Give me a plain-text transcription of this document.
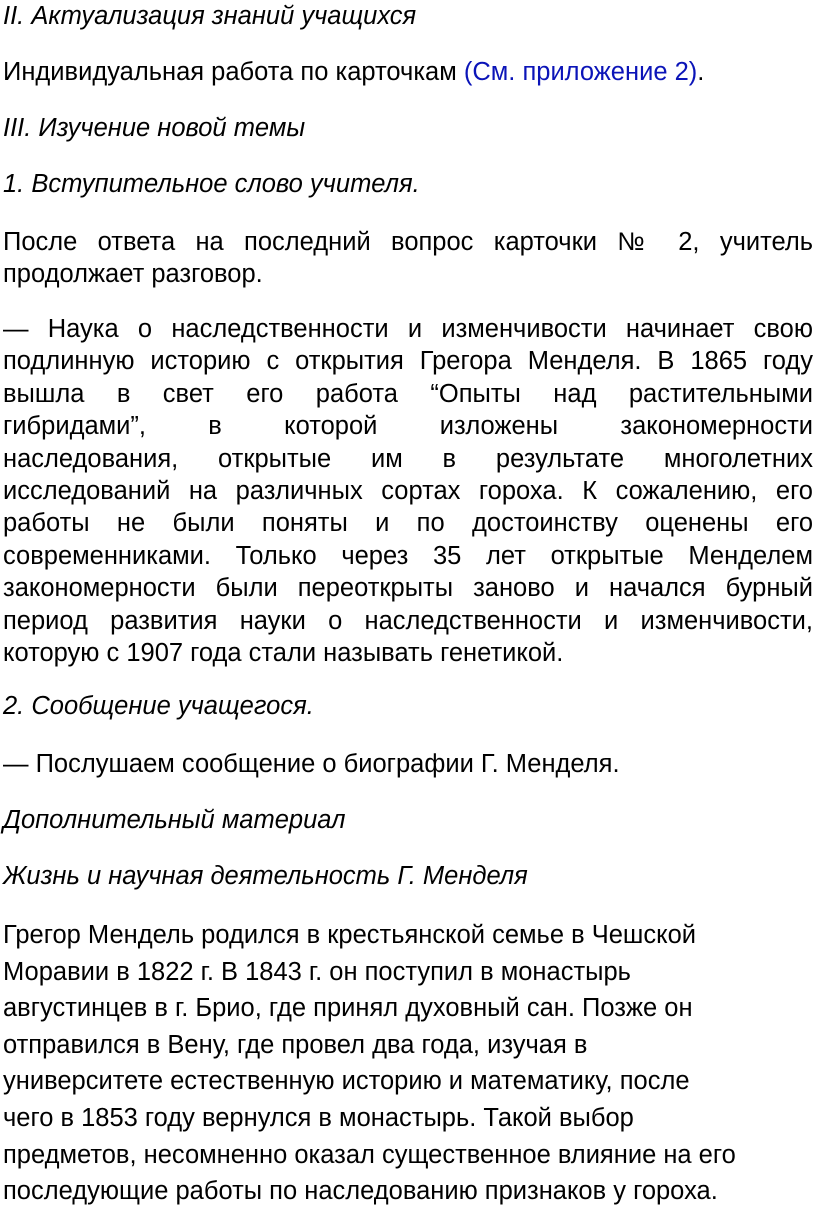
II. Актуализация знаний учащихся

Индивидуальная работа по карточкам (См. приложение 2).

III. Изучение новой темы

1. Вступительное слово учителя.

После ответа на последний вопрос карточки № 2, учитель
продолжает разговор.
— Наука о наследственности и изменчивости начинает свою
подлинную историю с открытия Грегора Менделя. В 1865 году
вышла в свет его работа “Опыты над растительными
гибридами”, в которой изложены закономерности
наследования, открытые им в результате многолетних
исследований на различных сортах гороха. К сожалению, его
работы не были поняты и по достоинству оценены его
современниками. Только через 35 лет открытые Менделем
закономерности были переоткрыты заново и начался бурный
период развития науки о наследственности и изменчивости,
которую с 1907 года стали называть генетикой.

2. Сообщение учащегося.

— Послушаем сообщение о биографии Г. Менделя.

Дополнительный материал

Жизнь и научная деятельность Г. Менделя

Грегор Мендель родился в крестьянской семье в Чешской
Моравии в 1822 г. В 1843 г. он поступил в монастырь
августинцев в г. Брио, где принял духовный сан. Позже он
отправился в Вену, где провел два года, изучая в
университете естественную историю и математику, после
чего в 1853 году вернулся в монастырь. Такой выбор
предметов, несомненно оказал существенное влияние на его
последующие работы по наследованию признаков у гороха.
